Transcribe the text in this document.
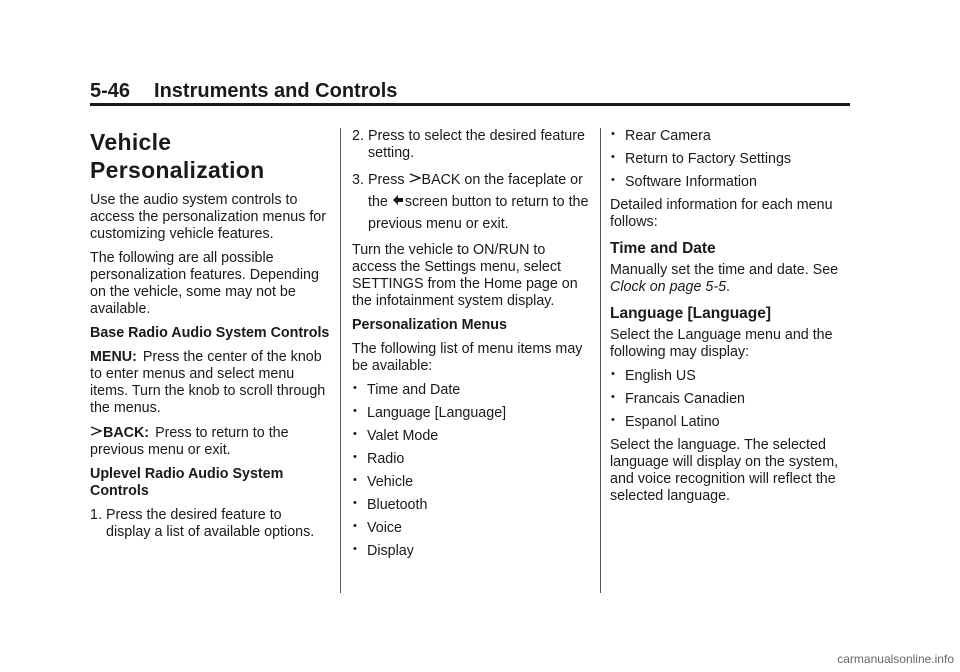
5-46 Instruments and Controls
Vehicle
Personalization

Use the audio system controls to access the personalization menus for customizing vehicle features.

The following are all possible personalization features. Depending on the vehicle, some may not be available.

Base Radio Audio System Controls

MENU: Press the center of the knob to enter menus and select menu items. Turn the knob to scroll through the menus.

BACK: Press to return to the previous menu or exit.

Uplevel Radio Audio System Controls

1. Press the desired feature to display a list of available options.
2. Press to select the desired feature setting.
3. Press BACK on the faceplate or the screen button to return to the previous menu or exit.

Turn the vehicle to ON/RUN to access the Settings menu, select SETTINGS from the Home page on the infotainment system display.

Personalization Menus

The following list of menu items may be available:

• Time and Date
• Language [Language]
• Valet Mode
• Radio
• Vehicle
• Bluetooth
• Voice
• Display
• Rear Camera
• Return to Factory Settings
• Software Information

Detailed information for each menu follows:

Time and Date

Manually set the time and date. See Clock on page 5-5.

Language [Language]

Select the Language menu and the following may display:

• English US
• Francais Canadien
• Espanol Latino

Select the language. The selected language will display on the system, and voice recognition will reflect the selected language.

carmanualsonline.info
